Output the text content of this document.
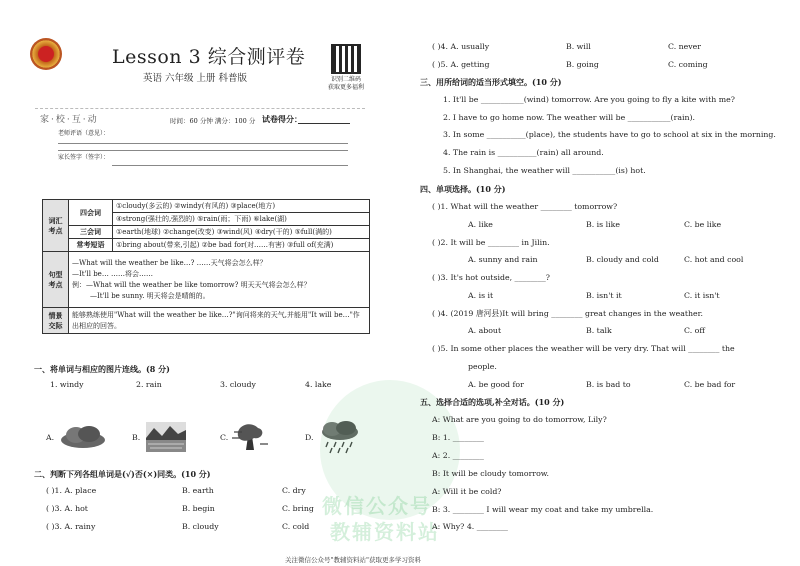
Lesson 3 综合测评卷
英语 六年级 上册 科普版	识别二维码
获取更多福利
家·校·互·动	时间：60 分钟 满分：100 分 试卷得分：
老师评语（意见）：
家长签字（签字）：
词汇考点	四会词	①cloudy(多云的) ②windy(有风的) ③place(地方)
		④strong(强壮的,强烈的) ⑤rain(雨；下雨) ⑥lake(湖)
	三会词	①earth(地球) ②change(改变) ③wind(风) ④dry(干的) ⑤full(满的)
	常考短语	①bring about(带来,引起) ②be bad for(对……有害) ③full of(充满)
句型考点	—What will the weather be like…? ……天气将会怎么样？
—It'll be… ……将会……
例：—What will the weather be like tomorrow? 明天天气将会怎么样？
—It'll be sunny. 明天将会是晴朗的。	

情景交际	能够熟练使用"What will the weather be like…?"询问将来的天气,并能用"It will be…"作出相应的回答。	
一、将单词与相应的图片连线。(8 分)
1. windy	2. rain	3. cloudy	4. lake
A.	B.	C.	D.
二、判断下列各组单词是(√)否(×)同类。(10 分)
( )1. A. place	B. earth	C. dry
( )3. A. hot	B. begin	C. bring
( )3. A. rainy	B. cloudy	C. cold
微信公众号
教辅资料站
( )4. A. usually	B. will	C. never
( )5. A. getting	B. going	C. coming
三、用所给词的适当形式填空。(10 分)
1. It'll be ___________(wind) tomorrow. Are you going to fly a kite with me?
2. I have to go home now. The weather will be ___________(rain).
3. In some __________(place), the students have to go to school at six in the morning.
4. The rain is __________(rain) all around.
5. In Shanghai, the weather will ___________(is) hot.
四、单项选择。(10 分)
( )1. What will the weather ________ tomorrow?
A. like	B. is like	C. be like
( )2. It will be ________ in Jilin.
A. sunny and rain	B. cloudy and cold	C. hot and cool
( )3. It's hot outside, ________?
A. is it	B. isn't it	C. it isn't
( )4. (2019 唐河县)It will bring ________ great changes in the weather.
A. about	B. talk	C. off
( )5. In some other places the weather will be very dry. That will ________ the
people.
A. be good for	B. is bad to	C. be bad for
五、选择合适的选项,补全对话。(10 分)
A: What are you going to do tomorrow, Lily?
B: 1. ________
A: 2. ________
B: It will be cloudy tomorrow.
A: Will it be cold?
B: 3. ________ I will wear my coat and take my umbrella.
A: Why? 4. ________
关注微信公众号"教辅资料站"获取更多学习资料
